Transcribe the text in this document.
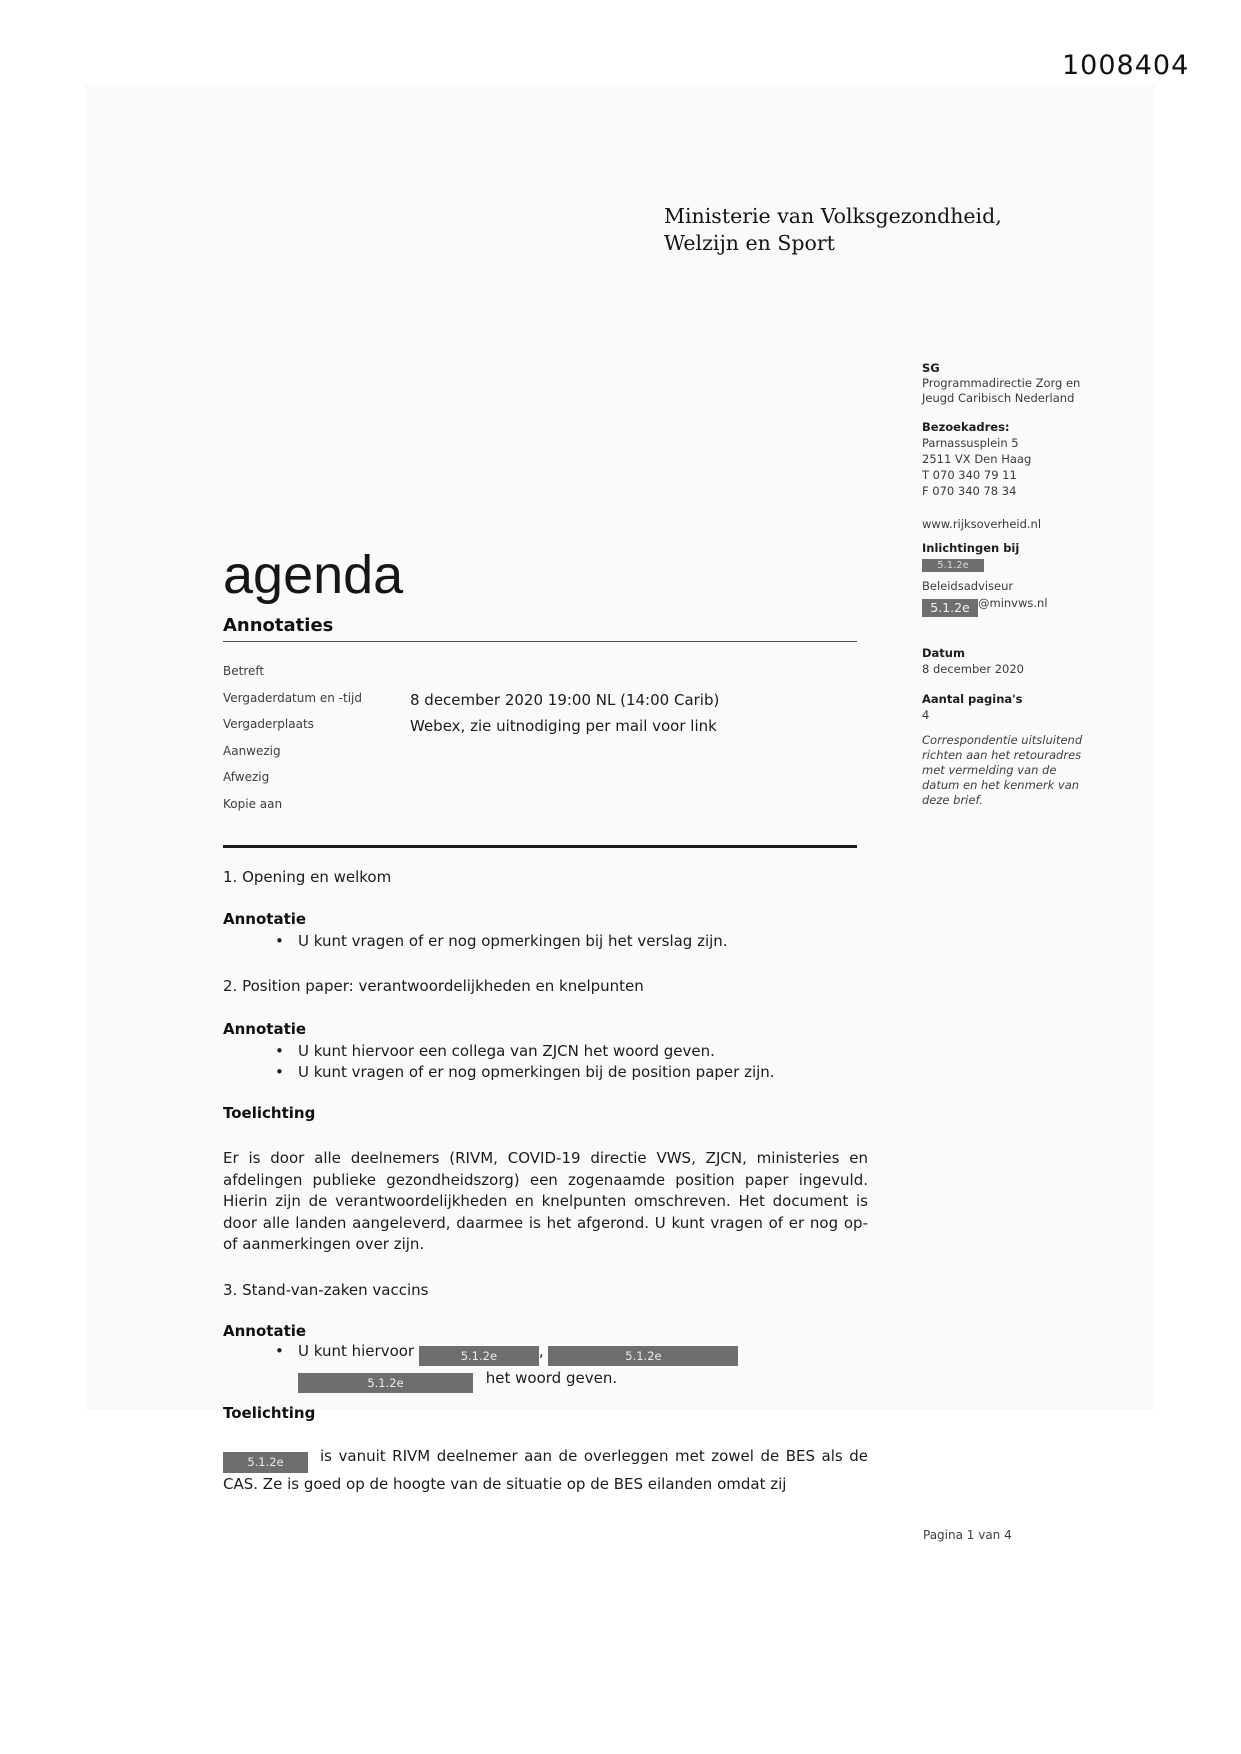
1008404
Ministerie van Volksgezondheid,
Welzijn en Sport
SG
Programmadirectie Zorg en
Jeugd Caribisch Nederland
Bezoekadres:
Parnassusplein 5
2511 VX Den Haag
T 070 340 79 11
F 070 340 78 34
www.rijksoverheid.nl
Inlichtingen bij
5.1.2e
Beleidsadviseur
5.1.2e @minvws.nl
Datum
8 december 2020
Aantal pagina's
4
Correspondentie uitsluitend richten aan het retouradres met vermelding van de datum en het kenmerk van deze brief.
agenda
Annotaties
Betreft
Vergaderdatum en -tijd	8 december 2020 19:00 NL (14:00 Carib)
Vergaderplaats	Webex, zie uitnodiging per mail voor link
Aanwezig
Afwezig
Kopie aan
1. Opening en welkom
Annotatie
• U kunt vragen of er nog opmerkingen bij het verslag zijn.
2. Position paper: verantwoordelijkheden en knelpunten
Annotatie
• U kunt hiervoor een collega van ZJCN het woord geven.
• U kunt vragen of er nog opmerkingen bij de position paper zijn.
Toelichting
Er is door alle deelnemers (RIVM, COVID-19 directie VWS, ZJCN, ministeries en afdelingen publieke gezondheidszorg) een zogenaamde position paper ingevuld. Hierin zijn de verantwoordelijkheden en knelpunten omschreven. Het document is door alle landen aangeleverd, daarmee is het afgerond. U kunt vragen of er nog op- of aanmerkingen over zijn.
3. Stand-van-zaken vaccins
Annotatie
• U kunt hiervoor	5.1.2e	,	5.1.2e
5.1.2e	het woord geven.
Toelichting
5.1.2e is vanuit RIVM deelnemer aan de overleggen met zowel de BES als de CAS. Ze is goed op de hoogte van de situatie op de BES eilanden omdat zij
Pagina 1 van 4
